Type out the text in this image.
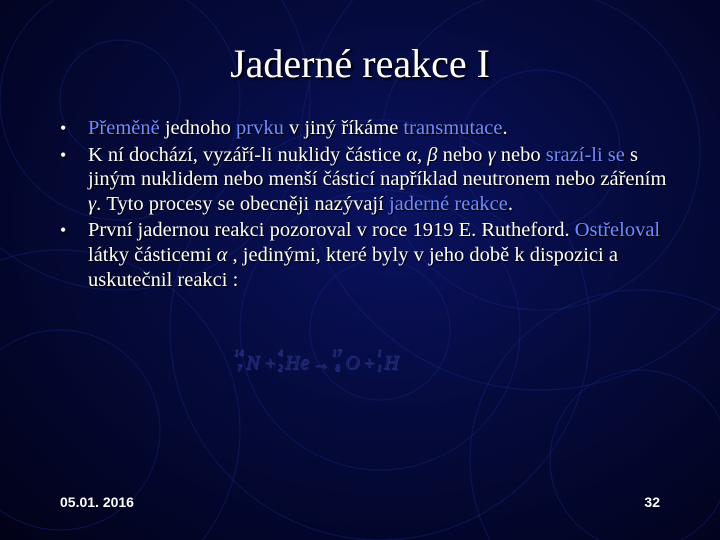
Jaderné reakce I
•	Přeměně jednoho prvku v jiný říkáme transmutace.
•	K ní dochází, vyzáří-li nuklidy částice α, β nebo γ nebo srazí-li se s jiným nuklidem nebo menší částicí například neutronem nebo zářením γ. Tyto procesy se obecněji nazývají jaderné reakce.
•	První jadernou reakci pozoroval v roce 1919 E. Rutheford. Ostřeloval látky částicemi α , jedinými, které byly v jeho době k dispozici a uskutečnil reakci :
14
7 N + 4
2 He → 17
8 O + 1
1 H
05.01. 2016	32
